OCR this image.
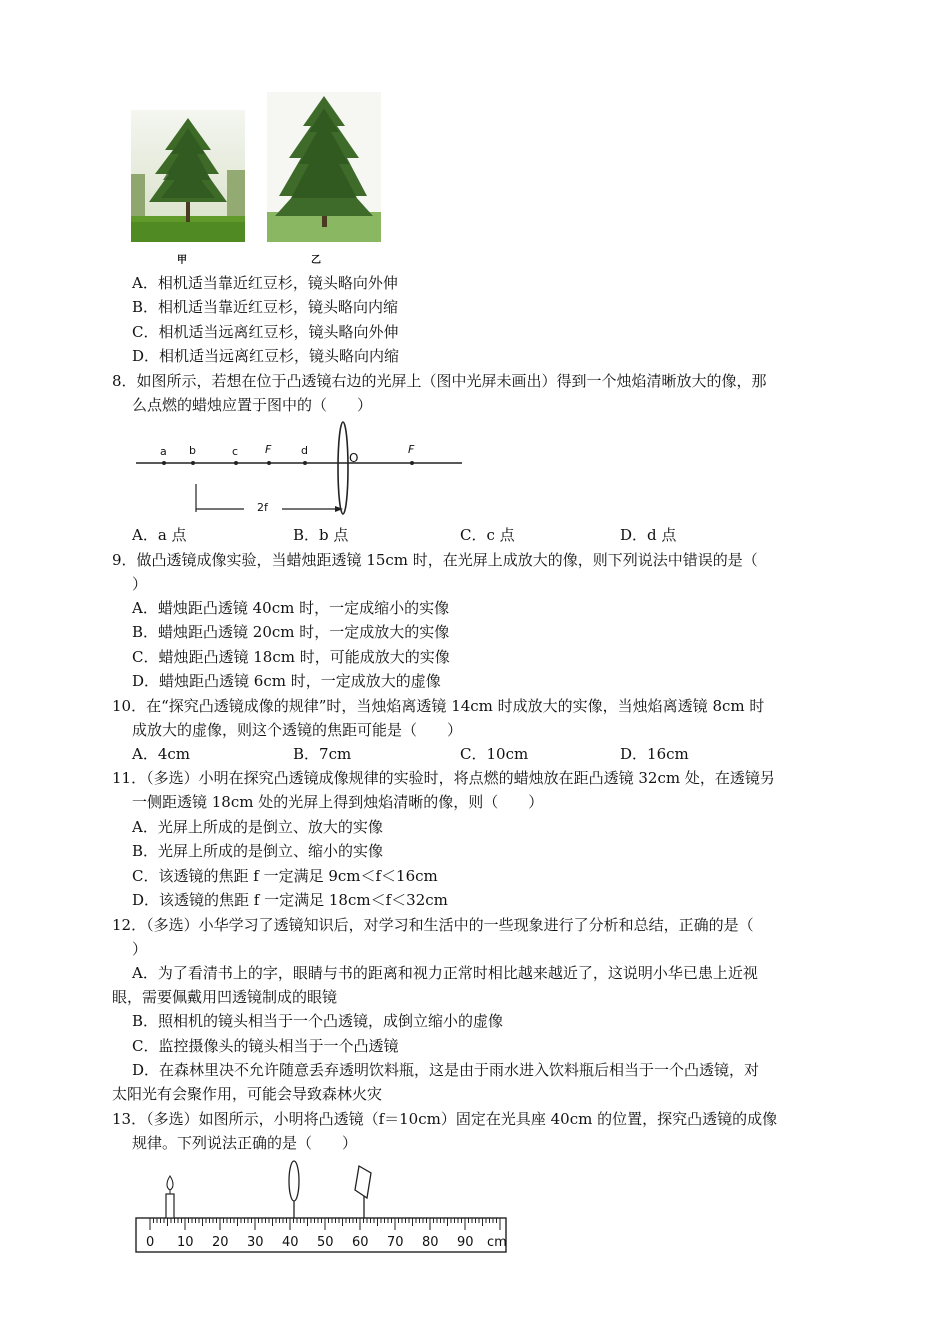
甲	乙
A．相机适当靠近红豆杉，镜头略向外伸
B．相机适当靠近红豆杉，镜头略向内缩
C．相机适当远离红豆杉，镜头略向外伸
D．相机适当远离红豆杉，镜头略向内缩
8．如图所示，若想在位于凸透镜右边的光屏上（图中光屏未画出）得到一个烛焰清晰放大的像，那
么点燃的蜡烛应置于图中的（　　）
a b	c F	d
O
F
2f
A．a 点	B．b 点	C．c 点	D．d 点
9．做凸透镜成像实验，当蜡烛距透镜 15cm 时，在光屏上成放大的像，则下列说法中错误的是（
）
A．蜡烛距凸透镜 40cm 时，一定成缩小的实像
B．蜡烛距凸透镜 20cm 时，一定成放大的实像
C．蜡烛距凸透镜 18cm 时，可能成放大的实像
D．蜡烛距凸透镜 6cm 时，一定成放大的虚像
10．在“探究凸透镜成像的规律”时，当烛焰离透镜 14cm 时成放大的实像，当烛焰离透镜 8cm 时
成放大的虚像，则这个透镜的焦距可能是（　　）
A．4cm	B．7cm	C．10cm	D．16cm
11．（多选）小明在探究凸透镜成像规律的实验时，将点燃的蜡烛放在距凸透镜 32cm 处，在透镜另
一侧距透镜 18cm 处的光屏上得到烛焰清晰的像，则（　　）
A．光屏上所成的是倒立、放大的实像
B．光屏上所成的是倒立、缩小的实像
C．该透镜的焦距 f 一定满足 9cm＜f＜16cm
D．该透镜的焦距 f 一定满足 18cm＜f＜32cm
12．（多选）小华学习了透镜知识后，对学习和生活中的一些现象进行了分析和总结，正确的是（
）
A．为了看清书上的字，眼睛与书的距离和视力正常时相比越来越近了，这说明小华已患上近视
眼，需要佩戴用凹透镜制成的眼镜
B．照相机的镜头相当于一个凸透镜，成倒立缩小的虚像
C．监控摄像头的镜头相当于一个凸透镜
D．在森林里决不允许随意丢弃透明饮料瓶，这是由于雨水进入饮料瓶后相当于一个凸透镜，对
太阳光有会聚作用，可能会导致森林火灾
13．（多选）如图所示，小明将凸透镜（f＝10cm）固定在光具座 40cm 的位置，探究凸透镜的成像
规律。下列说法正确的是（　　）
0 10 20 30 40 50 60 70 80 90 cm
